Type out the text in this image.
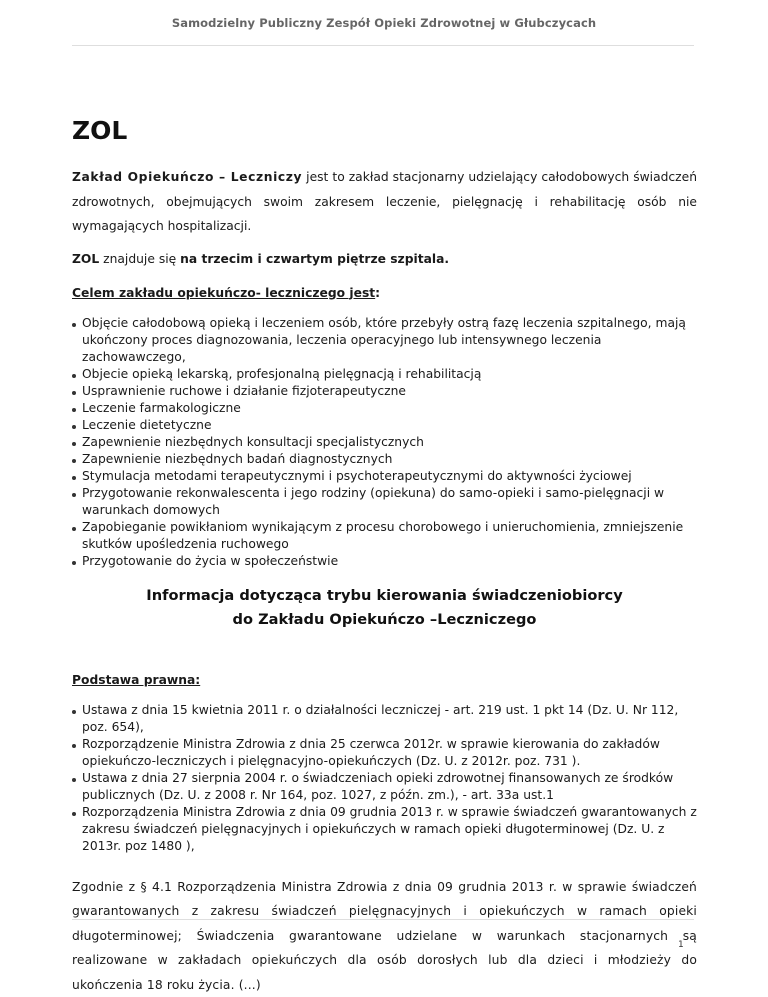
Samodzielny Publiczny Zespół Opieki Zdrowotnej w Głubczycach
ZOL

Zakład Opiekuńczo – Leczniczy jest to zakład stacjonarny udzielający całodobowych świadczeń zdrowotnych, obejmujących swoim zakresem leczenie, pielęgnację i rehabilitację osób nie wymagających hospitalizacji.

ZOL znajduje się na trzecim i czwartym piętrze szpitala.

Celem zakładu opiekuńczo- leczniczego jest:
Objęcie całodobową opieką i leczeniem osób, które przebyły ostrą fazę leczenia szpitalnego, mają ukończony proces diagnozowania, leczenia operacyjnego lub intensywnego leczenia zachowawczego,
Objecie opieką lekarską, profesjonalną pielęgnacją i rehabilitacją
Usprawnienie ruchowe i działanie fizjoterapeutyczne
Leczenie farmakologiczne
Leczenie dietetyczne
Zapewnienie niezbędnych konsultacji specjalistycznych
Zapewnienie niezbędnych badań diagnostycznych
Stymulacja metodami terapeutycznymi i psychoterapeutycznymi do aktywności życiowej
Przygotowanie rekonwalescenta i jego rodziny (opiekuna) do samo-opieki i samo-pielęgnacji w warunkach domowych
Zapobieganie powikłaniom wynikającym z procesu chorobowego i unieruchomienia, zmniejszenie skutków upośledzenia ruchowego
Przygotowanie do życia w społeczeństwie
Informacja dotycząca trybu kierowania świadczeniobiorcy
do Zakładu Opiekuńczo –Leczniczego
Podstawa prawna:
Ustawa z dnia 15 kwietnia 2011 r. o działalności leczniczej - art. 219 ust. 1 pkt 14 (Dz. U. Nr 112, poz. 654),
Rozporządzenie Ministra Zdrowia z dnia 25 czerwca 2012r. w sprawie kierowania do zakładów opiekuńczo-leczniczych i pielęgnacyjno-opiekuńczych (Dz. U. z 2012r. poz. 731 ).
Ustawa z dnia 27 sierpnia 2004 r. o świadczeniach opieki zdrowotnej finansowanych ze środków publicznych (Dz. U. z 2008 r. Nr 164, poz. 1027, z późn. zm.), - art. 33a ust.1
Rozporządzenia Ministra Zdrowia z dnia 09 grudnia 2013 r. w sprawie świadczeń gwarantowanych z zakresu świadczeń pielęgnacyjnych i opiekuńczych w ramach opieki długoterminowej (Dz. U. z 2013r. poz 1480 ),

Zgodnie z § 4.1 Rozporządzenia Ministra Zdrowia z dnia 09 grudnia 2013 r. w sprawie świadczeń gwarantowanych z zakresu świadczeń pielęgnacyjnych i opiekuńczych w ramach opieki długoterminowej; Świadczenia gwarantowane udzielane w warunkach stacjonarnych są realizowane w zakładach opiekuńczych dla osób dorosłych lub dla dzieci i młodzieży do ukończenia 18 roku życia. (...)

1
